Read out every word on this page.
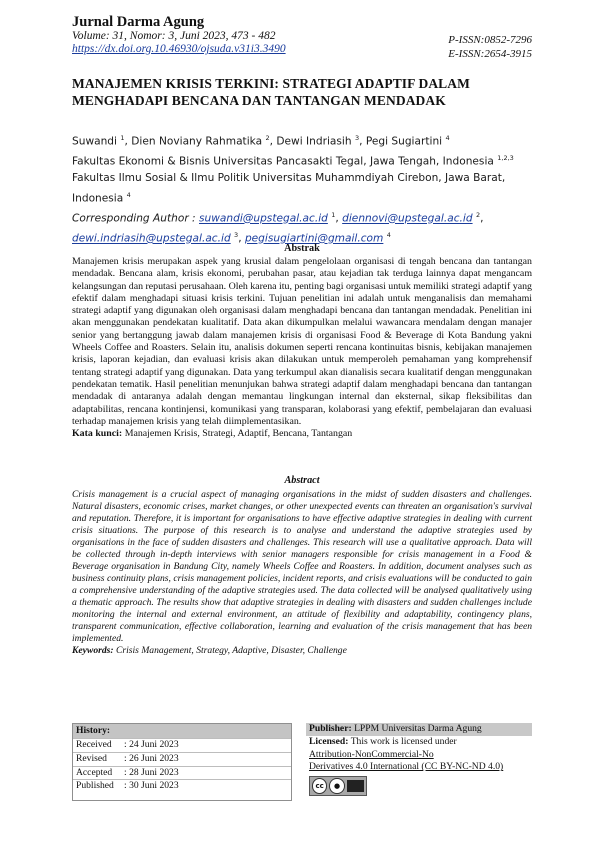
Jurnal Darma Agung
Volume: 31, Nomor: 3, Juni 2023, 473 - 482
https://dx.doi.org.10.46930/ojsuda.v31i3.3490
P-ISSN:0852-7296
E-ISSN:2654-3915
MANAJEMEN KRISIS TERKINI: STRATEGI ADAPTIF DALAM
MENGHADAPI BENCANA DAN TANTANGAN MENDADAK
Suwandi $^1$, Dien Noviany Rahmatika $^2$, Dewi Indriasih $^3$, Pegi Sugiartini $^4$
Fakultas Ekonomi & Bisnis Universitas Pancasakti Tegal, Jawa Tengah, Indonesia $^{1,2,3}$
Fakultas Ilmu Sosial & Ilmu Politik Universitas Muhammdiyah Cirebon, Jawa Barat, Indonesia $^4$
Corresponding Author : suwandi@upstegal.ac.id $^1$, diennovi@upstegal.ac.id $^2$, dewi.indriasih@upstegal.ac.id $^3$, pegisugiartini@gmail.com $^4$
Abstrak
Manajemen krisis merupakan aspek yang krusial dalam pengelolaan organisasi di tengah bencana dan tantangan mendadak. Bencana alam, krisis ekonomi, perubahan pasar, atau kejadian tak terduga lainnya dapat mengancam kelangsungan dan reputasi perusahaan. Oleh karena itu, penting bagi organisasi untuk memiliki strategi adaptif yang efektif dalam menghadapi situasi krisis terkini. Tujuan penelitian ini adalah untuk menganalisis dan memahami strategi adaptif yang digunakan oleh organisasi dalam menghadapi bencana dan tantangan mendadak. Penelitian ini akan menggunakan pendekatan kualitatif. Data akan dikumpulkan melalui wawancara mendalam dengan manajer senior yang bertanggung jawab dalam manajemen krisis di organisasi Food & Beverage di Kota Bandung yakni Wheels Coffee and Roasters. Selain itu, analisis dokumen seperti rencana kontinuitas bisnis, kebijakan manajemen krisis, laporan kejadian, dan evaluasi krisis akan dilakukan untuk memperoleh pemahaman yang komprehensif tentang strategi adaptif yang digunakan. Data yang terkumpul akan dianalisis secara kualitatif dengan menggunakan pendekatan tematik. Hasil penelitian menunjukan bahwa strategi adaptif dalam menghadapi bencana dan tantangan mendadak di antaranya adalah dengan memantau lingkungan internal dan eksternal, sikap fleksibilitas dan adaptabilitas, rencana kontinjensi, komunikasi yang transparan, kolaborasi yang efektif, pembelajaran dan evaluasi terhadap manajemen krisis yang telah diimplementasikan.
Kata kunci: Manajemen Krisis, Strategi, Adaptif, Bencana, Tantangan
Abstract
Crisis management is a crucial aspect of managing organisations in the midst of sudden disasters and challenges. Natural disasters, economic crises, market changes, or other unexpected events can threaten an organisation's survival and reputation. Therefore, it is important for organisations to have effective adaptive strategies in dealing with current crisis situations. The purpose of this research is to analyse and understand the adaptive strategies used by organisations in the face of sudden disasters and challenges. This research will use a qualitative approach. Data will be collected through in-depth interviews with senior managers responsible for crisis management in a Food & Beverage organisation in Bandung City, namely Wheels Coffee and Roasters. In addition, document analyses such as business continuity plans, crisis management policies, incident reports, and crisis evaluations will be conducted to gain a comprehensive understanding of the adaptive strategies used. The data collected will be analysed qualitatively using a thematic approach. The results show that adaptive strategies in dealing with disasters and sudden challenges include monitoring the internal and external environment, an attitude of flexibility and adaptability, contingency plans, transparent communication, effective collaboration, learning and evaluation of the crisis management that has been implemented.
Keywords: Crisis Management, Strategy, Adaptive, Disaster, Challenge
History:
Received : 24 Juni 2023
Revised : 26 Juni 2023
Accepted : 28 Juni 2023
Published : 30 Juni 2023
Publisher: LPPM Universitas Darma Agung
Licensed: This work is licensed under
Attribution-NonCommercial-No
Derivatives 4.0 International (CC BY-NC-ND 4.0)
cc	●
